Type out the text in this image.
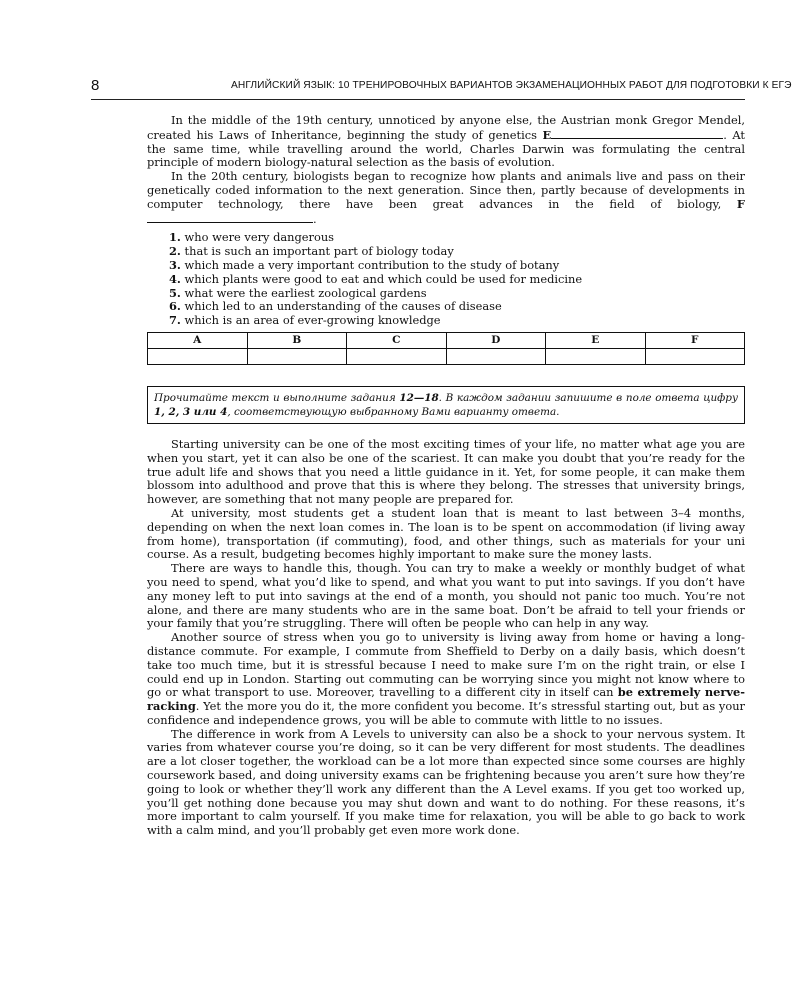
8	АНГЛИЙСКИЙ ЯЗЫК: 10 ТРЕНИРОВОЧНЫХ ВАРИАНТОВ ЭКЗАМЕНАЦИОННЫХ РАБОТ ДЛЯ ПОДГОТОВКИ К ЕГЭ

In the middle of the 19th century, unnoticed by anyone else, the Austrian monk Gregor Mendel, created his Laws of Inheritance, beginning the study of genetics E	. At the same time, while travelling around the world, Charles Darwin was formulating the central principle of modern biology-natural selection as the basis of evolution.

In the 20th century, biologists began to recognize how plants and animals live and pass on their genetically coded information to the next generation. Since then, partly because of developments in computer technology, there have been great advances in the field of biology, F.

1. who were very dangerous
2. that is such an important part of biology today
3. which made a very important contribution to the study of botany
4. which plants were good to eat and which could be used for medicine
5. what were the earliest zoological gardens
6. which led to an understanding of the causes of disease
7. which is an area of ever-growing knowledge
A	B	C	D	E	F

Прочитайте текст и выполните задания 12—18. В каждом задании запишите в поле ответа цифру 1, 2, 3 или 4, соответствующую выбранному Вами варианту ответа.

Starting university can be one of the most exciting times of your life, no matter what age you are when you start, yet it can also be one of the scariest. It can make you doubt that you’re ready for the true adult life and shows that you need a little guidance in it. Yet, for some people, it can make them blossom into adulthood and prove that this is where they belong. The stresses that university brings, however, are something that not many people are prepared for.

At university, most students get a student loan that is meant to last between 3–4 months, depending on when the next loan comes in. The loan is to be spent on accommodation (if living away from home), transportation (if commuting), food, and other things, such as materials for your uni course. As a result, budgeting becomes highly important to make sure the money lasts.

There are ways to handle this, though. You can try to make a weekly or monthly budget of what you need to spend, what you’d like to spend, and what you want to put into savings. If you don’t have any money left to put into savings at the end of a month, you should not panic too much. You’re not alone, and there are many students who are in the same boat. Don’t be afraid to tell your friends or your family that you’re struggling. There will often be people who can help in any way.

Another source of stress when you go to university is living away from home or having a long-distance commute. For example, I commute from Sheffield to Derby on a daily basis, which doesn’t take too much time, but it is stressful because I need to make sure I’m on the right train, or else I could end up in London. Starting out commuting can be worrying since you might not know where to go or what transport to use. Moreover, travelling to a different city in itself can be extremely nerve-racking. Yet the more you do it, the more confident you become. It’s stressful starting out, but as your confidence and independence grows, you will be able to commute with little to no issues.

The difference in work from A Levels to university can also be a shock to your nervous system. It varies from whatever course you’re doing, so it can be very different for most students. The deadlines are a lot closer together, the workload can be a lot more than expected since some courses are highly coursework based, and doing university exams can be frightening because you aren’t sure how they’re going to look or whether they’ll work any different than the A Level exams. If you get too worked up, you’ll get nothing done because you may shut down and want to do nothing. For these reasons, it’s more important to calm yourself. If you make time for relaxation, you will be able to go back to work with a calm mind, and you’ll probably get even more work done.
